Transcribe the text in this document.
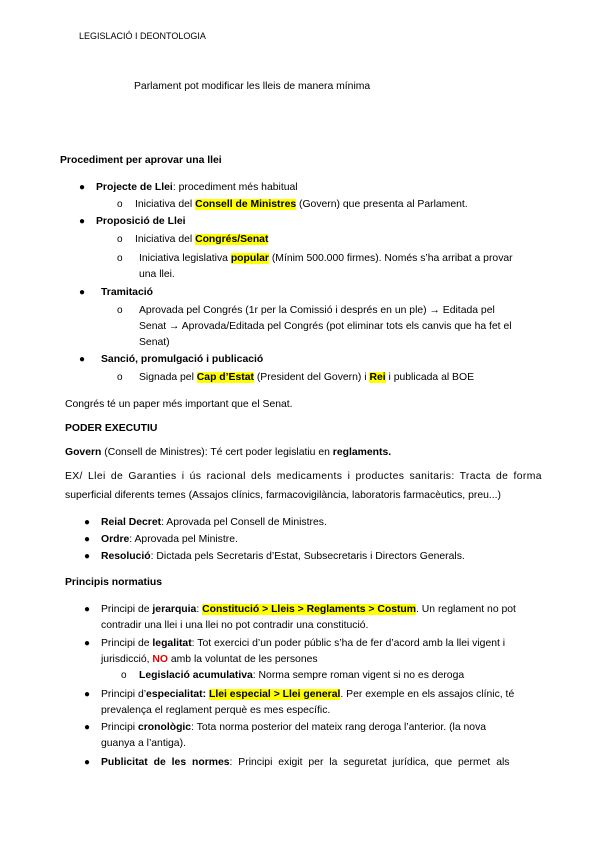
LEGISLACIÓ I DEONTOLOGIA
Parlament pot modificar les lleis de manera mínima
Procediment per aprovar una llei
● Projecte de Llei: procediment més habitual
o Iniciativa del Consell de Ministres (Govern) que presenta al Parlament.
● Proposició de Llei
o Iniciativa del Congrés/Senat
o Iniciativa legislativa popular (Mínim 500.000 firmes). Només s’ha arribat a provar
una llei.
● Tramitació
o Aprovada pel Congrés (1r per la Comissió i després en un ple) → Editada pel
Senat → Aprovada/Editada pel Congrés (pot eliminar tots els canvis que ha fet el
Senat)
● Sanció, promulgació i publicació
o Signada pel Cap d’Estat (President del Govern) i Rei i publicada al BOE
Congrés té un paper més important que el Senat.
PODER EXECUTIU
Govern (Consell de Ministres): Té cert poder legislatiu en reglaments.
EX/ Llei de Garanties i ús racional dels medicaments i productes sanitaris: Tracta de forma
superficial diferents temes (Assajos clínics, farmacovigilància, laboratoris farmacèutics, preu...)
● Reial Decret: Aprovada pel Consell de Ministres.
● Ordre: Aprovada pel Ministre.
● Resolució: Dictada pels Secretaris d’Estat, Subsecretaris i Directors Generals.
Principis normatius
● Principi de jerarquia: Constitució > Lleis > Reglaments > Costum. Un reglament no pot
contradir una llei i una llei no pot contradir una constitució.
● Principi de legalitat: Tot exercici d’un poder públic s’ha de fer d’acord amb la llei vigent i
jurisdicció, NO amb la voluntat de les persones
o Legislació acumulativa: Norma sempre roman vigent si no es deroga
● Principi d’especialitat: Llei especial > Llei general. Per exemple en els assajos clínic, té
prevalença el reglament perquè es mes específic.
● Principi cronològic: Tota norma posterior del mateix rang deroga l’anterior. (la nova
guanya a l’antiga).
● Publicitat de les normes: Principi exigit per la seguretat jurídica, que permet als
